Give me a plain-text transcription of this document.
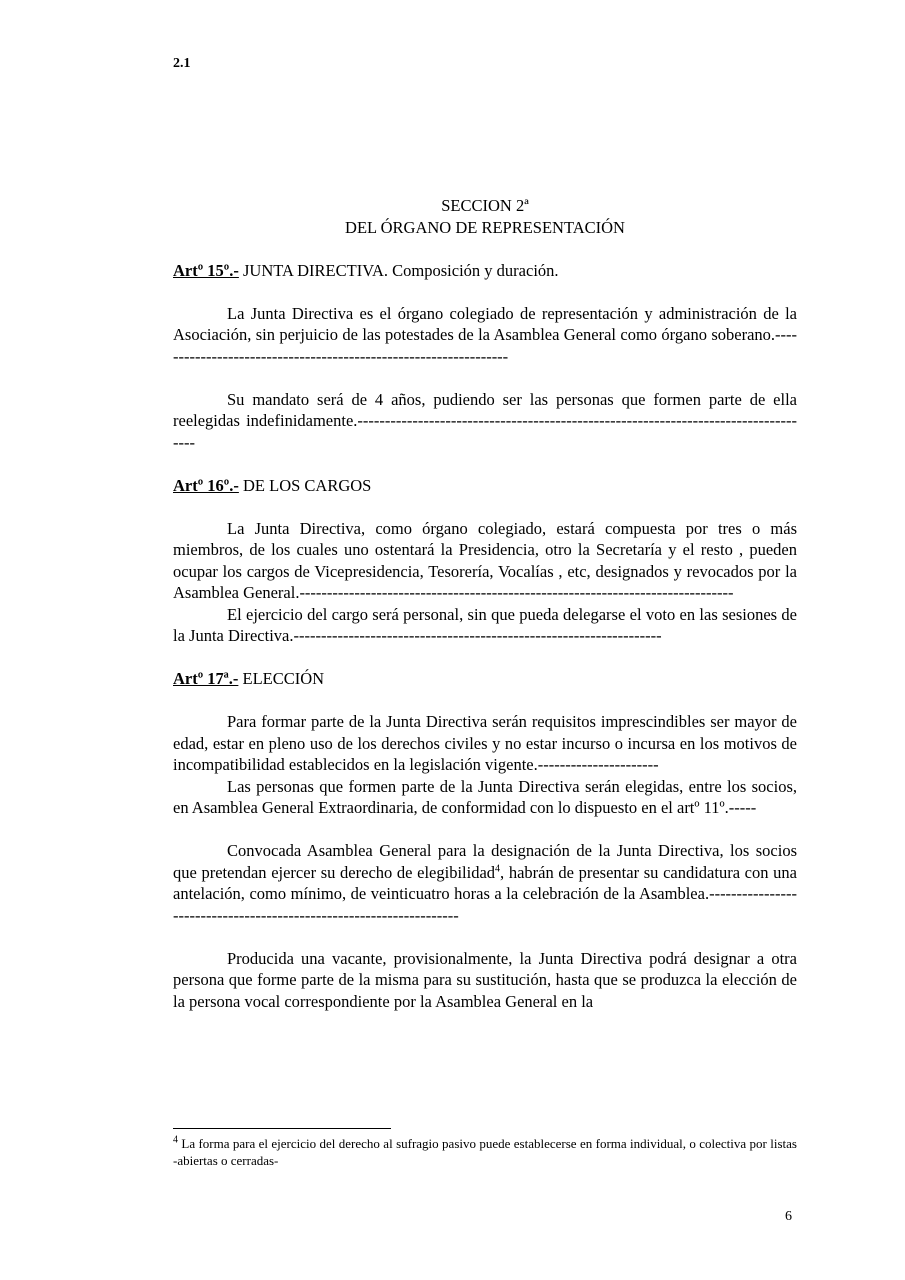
2.1
SECCION 2ª
DEL ÓRGANO DE REPRESENTACIÓN
Artº 15º.- JUNTA DIRECTIVA. Composición y duración.

La Junta Directiva es el órgano colegiado de representación y administración de la Asociación, sin perjuicio de las potestades de la Asamblea General como órgano soberano.-----------------------------------------------------------------

Su mandato será de 4 años, pudiendo ser las personas que formen parte de ella reelegidas indefinidamente.------------------------------------------------------------------------------------

Artº 16º.- DE LOS CARGOS

La Junta Directiva, como órgano colegiado, estará compuesta por tres o más miembros, de los cuales uno ostentará la Presidencia, otro la Secretaría y el resto , pueden ocupar los cargos de Vicepresidencia, Tesorería, Vocalías , etc, designados y revocados por la Asamblea General.-------------------------------------------------------------------------------

El ejercicio del cargo será personal, sin que pueda delegarse el voto en las sesiones de la Junta Directiva.-------------------------------------------------------------------

Artº 17ª.- ELECCIÓN

Para formar parte de la Junta Directiva serán requisitos imprescindibles ser mayor de edad, estar en pleno uso de los derechos civiles y no estar incurso o incursa en los motivos de incompatibilidad establecidos en la legislación vigente.----------------------

Las personas que formen parte de la Junta Directiva serán elegidas, entre los socios, en Asamblea General Extraordinaria, de conformidad con lo dispuesto en el artº 11º.-----

Convocada Asamblea General para la designación de la Junta Directiva, los socios que pretendan ejercer su derecho de elegibilidad$^4$, habrán de presentar su candidatura con una antelación, como mínimo, de veinticuatro horas a la celebración de la Asamblea.--------------------------------------------------------------------

Producida una vacante, provisionalmente, la Junta Directiva podrá designar a otra persona que forme parte de la misma para su sustitución, hasta que se produzca la elección de la persona vocal correspondiente por la Asamblea General en la

$^4$ La forma para el ejercicio del derecho al sufragio pasivo puede establecerse en forma individual, o colectiva por listas -abiertas o cerradas-
6
